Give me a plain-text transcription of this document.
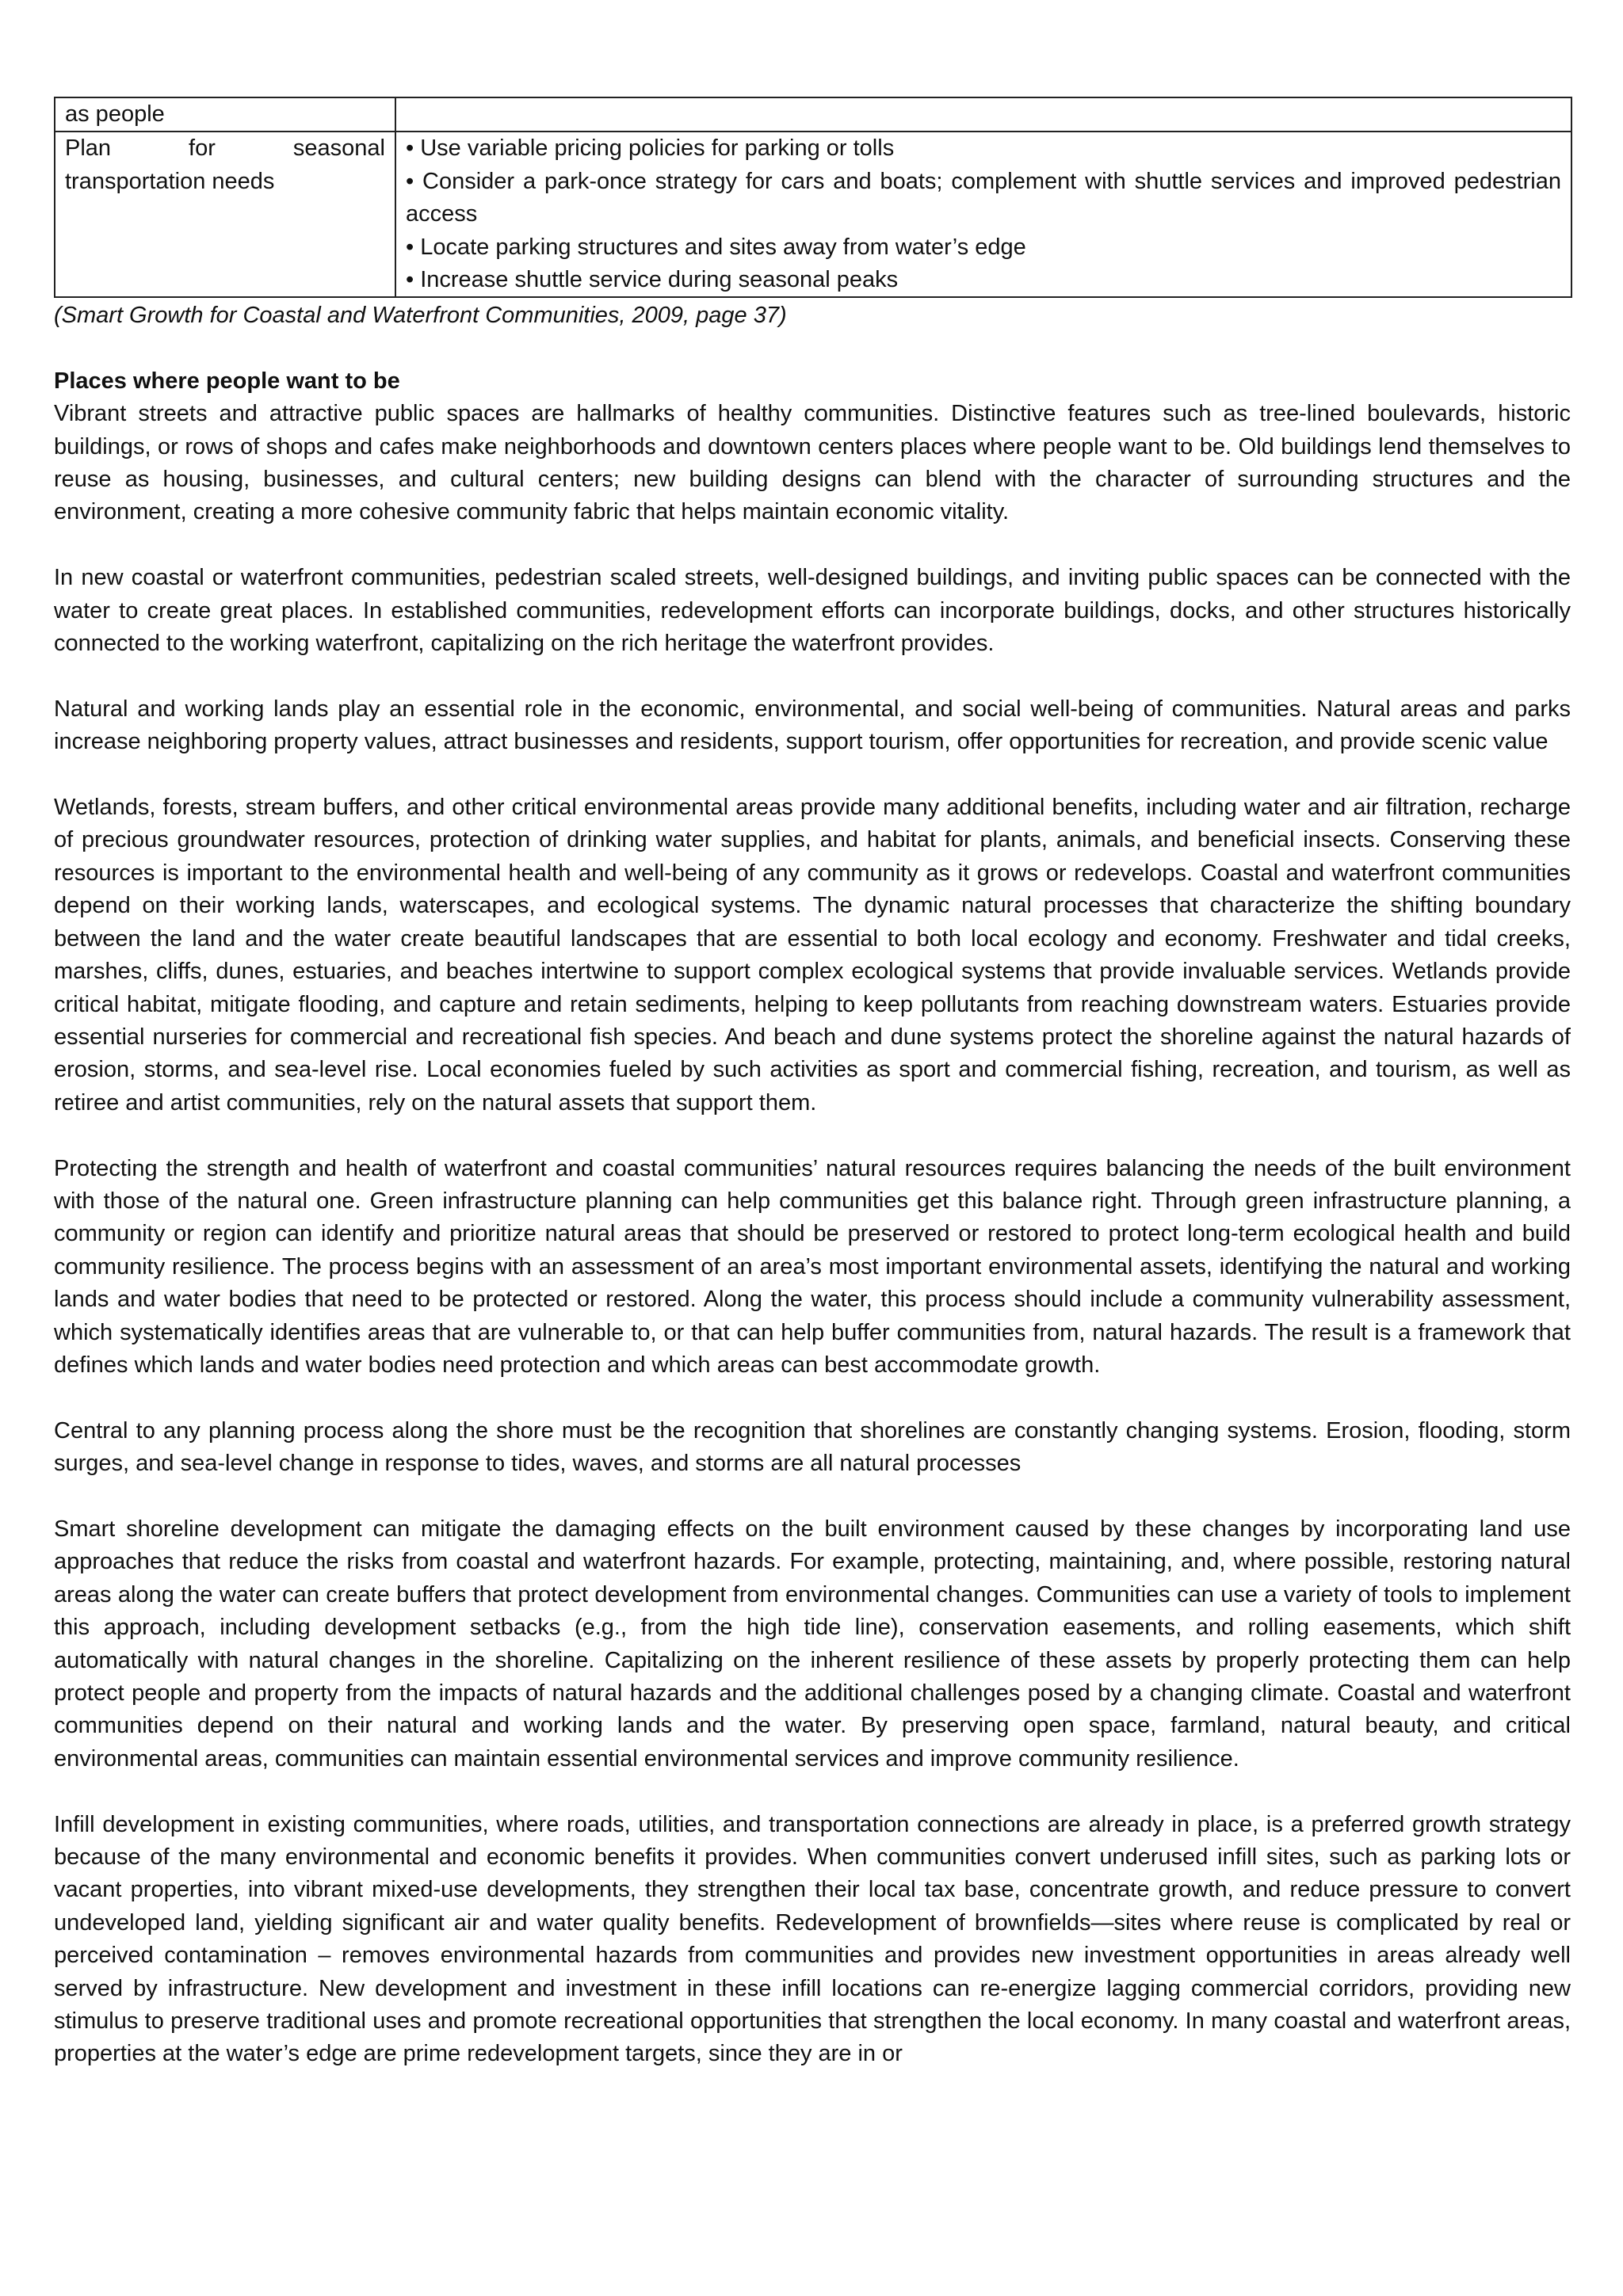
as people	
Plan for seasonal transportation needs	• Use variable pricing policies for parking or tolls
• Consider a park-once strategy for cars and boats; complement with shuttle services and improved pedestrian access
• Locate parking structures and sites away from water’s edge
• Increase shuttle service during seasonal peaks
(Smart Growth for Coastal and Waterfront Communities, 2009, page 37)
Places where people want to be

Vibrant streets and attractive public spaces are hallmarks of healthy communities. Distinctive features such as tree-lined boulevards, historic buildings, or rows of shops and cafes make neighborhoods and downtown centers places where people want to be. Old buildings lend themselves to reuse as housing, businesses, and cultural centers; new building designs can blend with the character of surrounding structures and the environment, creating a more cohesive community fabric that helps maintain economic vitality.

In new coastal or waterfront communities, pedestrian scaled streets, well-designed buildings, and inviting public spaces can be connected with the water to create great places. In established communities, redevelopment efforts can incorporate buildings, docks, and other structures historically connected to the working waterfront, capitalizing on the rich heritage the waterfront provides.

Natural and working lands play an essential role in the economic, environmental, and social well-being of communities. Natural areas and parks increase neighboring property values, attract businesses and residents, support tourism, offer opportunities for recreation, and provide scenic value

Wetlands, forests, stream buffers, and other critical environmental areas provide many additional benefits, including water and air filtration, recharge of precious groundwater resources, protection of drinking water supplies, and habitat for plants, animals, and beneficial insects. Conserving these resources is important to the environmental health and well-being of any community as it grows or redevelops. Coastal and waterfront communities depend on their working lands, waterscapes, and ecological systems. The dynamic natural processes that characterize the shifting boundary between the land and the water create beautiful landscapes that are essential to both local ecology and economy. Freshwater and tidal creeks, marshes, cliffs, dunes, estuaries, and beaches intertwine to support complex ecological systems that provide invaluable services. Wetlands provide critical habitat, mitigate flooding, and capture and retain sediments, helping to keep pollutants from reaching downstream waters. Estuaries provide essential nurseries for commercial and recreational fish species. And beach and dune systems protect the shoreline against the natural hazards of erosion, storms, and sea-level rise. Local economies fueled by such activities as sport and commercial fishing, recreation, and tourism, as well as retiree and artist communities, rely on the natural assets that support them.

Protecting the strength and health of waterfront and coastal communities’ natural resources requires balancing the needs of the built environment with those of the natural one. Green infrastructure planning can help communities get this balance right. Through green infrastructure planning, a community or region can identify and prioritize natural areas that should be preserved or restored to protect long-term ecological health and build community resilience. The process begins with an assessment of an area’s most important environmental assets, identifying the natural and working lands and water bodies that need to be protected or restored. Along the water, this process should include a community vulnerability assessment, which systematically identifies areas that are vulnerable to, or that can help buffer communities from, natural hazards. The result is a framework that defines which lands and water bodies need protection and which areas can best accommodate growth.

Central to any planning process along the shore must be the recognition that shorelines are constantly changing systems. Erosion, flooding, storm surges, and sea-level change in response to tides, waves, and storms are all natural processes

Smart shoreline development can mitigate the damaging effects on the built environment caused by these changes by incorporating land use approaches that reduce the risks from coastal and waterfront hazards. For example, protecting, maintaining, and, where possible, restoring natural areas along the water can create buffers that protect development from environmental changes. Communities can use a variety of tools to implement this approach, including development setbacks (e.g., from the high tide line), conservation easements, and rolling easements, which shift automatically with natural changes in the shoreline. Capitalizing on the inherent resilience of these assets by properly protecting them can help protect people and property from the impacts of natural hazards and the additional challenges posed by a changing climate. Coastal and waterfront communities depend on their natural and working lands and the water. By preserving open space, farmland, natural beauty, and critical environmental areas, communities can maintain essential environmental services and improve community resilience.

Infill development in existing communities, where roads, utilities, and transportation connections are already in place, is a preferred growth strategy because of the many environmental and economic benefits it provides. When communities convert underused infill sites, such as parking lots or vacant properties, into vibrant mixed-use developments, they strengthen their local tax base, concentrate growth, and reduce pressure to convert undeveloped land, yielding significant air and water quality benefits. Redevelopment of brownfields—sites where reuse is complicated by real or perceived contamination – removes environmental hazards from communities and provides new investment opportunities in areas already well served by infrastructure. New development and investment in these infill locations can re-energize lagging commercial corridors, providing new stimulus to preserve traditional uses and promote recreational opportunities that strengthen the local economy. In many coastal and waterfront areas, properties at the water’s edge are prime redevelopment targets, since they are in or
